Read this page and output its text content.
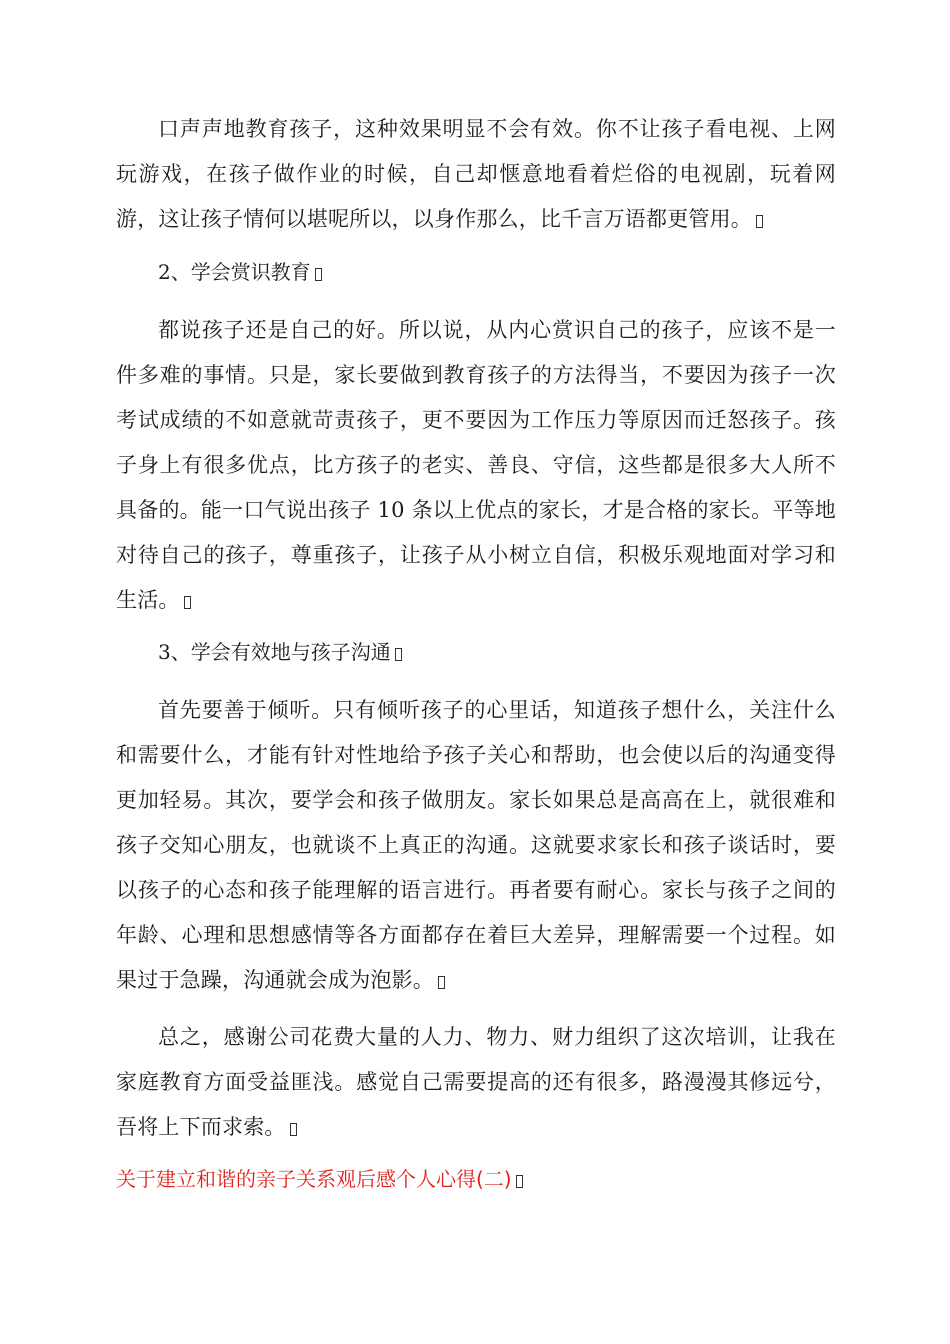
口声声地教育孩子，这种效果明显不会有效。你不让孩子看电视、上网玩游戏，在孩子做作业的时候，自己却惬意地看着烂俗的电视剧，玩着网游，这让孩子情何以堪呢所以，以身作那么，比千言万语都更管用。

2、学会赏识教育

都说孩子还是自己的好。所以说，从内心赏识自己的孩子，应该不是一件多难的事情。只是，家长要做到教育孩子的方法得当，不要因为孩子一次考试成绩的不如意就苛责孩子，更不要因为工作压力等原因而迁怒孩子。孩子身上有很多优点，比方孩子的老实、善良、守信，这些都是很多大人所不具备的。能一口气说出孩子 10 条以上优点的家长，才是合格的家长。平等地对待自己的孩子，尊重孩子，让孩子从小树立自信，积极乐观地面对学习和生活。

3、学会有效地与孩子沟通

首先要善于倾听。只有倾听孩子的心里话，知道孩子想什么，关注什么和需要什么，才能有针对性地给予孩子关心和帮助，也会使以后的沟通变得更加轻易。其次，要学会和孩子做朋友。家长如果总是高高在上，就很难和孩子交知心朋友，也就谈不上真正的沟通。这就要求家长和孩子谈话时，要以孩子的心态和孩子能理解的语言进行。再者要有耐心。家长与孩子之间的年龄、心理和思想感情等各方面都存在着巨大差异，理解需要一个过程。如果过于急躁，沟通就会成为泡影。

总之，感谢公司花费大量的人力、物力、财力组织了这次培训，让我在家庭教育方面受益匪浅。感觉自己需要提高的还有很多，路漫漫其修远兮，吾将上下而求索。

关于建立和谐的亲子关系观后感个人心得(二)
